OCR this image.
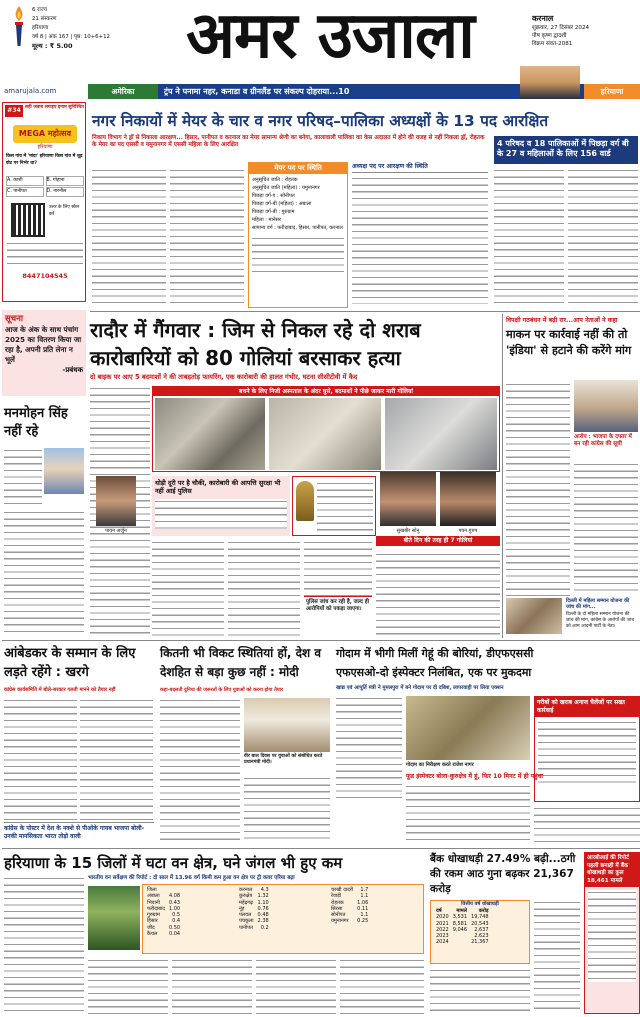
6 राज्य
21 संस्करण
हरियाणा
वर्ष 8 | अंक 167 | पृष्ठ: 10+6+12
मूल्य : ₹ 5.00	अमर उजाला	करनाल
शुक्रवार, 27 दिसंबर 2024
पौष कृष्ण द्वादशी
विक्रम संवत-2081
amarujala.com	अमेरिका	ट्रंप ने पनामा नहर, कनाडा व ग्रीनलैंड पर संकल्प दोहराया...10	हरियाणा
#34 सही जवाब लगाइए इनाम सुनिश्चित
MEGA महोत्सव
हरियाणा
किस गांव में 'मांदा' हरियाणा किस गांव में शूद्र वोट पर निर्भर था?
A. काशी	B. गोहाना C. पानीपत	D. नारनौल
उत्तर के लिए स्कैन करें
8447104545
नगर निकायों में मेयर के चार व नगर परिषद–पालिका अध्यक्षों के 13 पद आरक्षित
निकाय विभाग ने ड्रॉ से निकाला आरक्षण... हिसार, पानीपत व करनाल का मेयर सामान्य श्रेणी का बनेगा, कालावाली पालिका का केस अदालत में होने की वजह से नहीं निकला ड्रॉ, रोहतक के मेयर का पद एससी व यमुनानगर में एससी महिला के लिए आरक्षित	4 परिषद व 18 पालिकाओं में पिछड़ा वर्ग बी के 27 व महिलाओं के लिए 156 वार्ड
मेयर पद पर स्थिति
अनुसूचित जाति : रोहतक
अनुसूचित जाति (महिला) : यमुनानगर
पिछड़ा वर्ग-ए : सोनीपत
पिछड़ा वर्ग-बी (महिला) : अंबाला
पिछड़ा वर्ग-बी : गुरुग्राम
महिला : मानेसर
सामान्य वर्ग : फरीदाबाद, हिसार, पानीपत, करनाल
अध्यक्ष पद पर आरक्षण की स्थिति
सूचना
आज के अंक के साथ पंचांग 2025 का वितरण किया जा रहा है, अपनी प्रति लेना न भूलें
-प्रबंधक
मनमोहन सिंह नहीं रहे
रादौर में गैंगवार : जिम से निकल रहे दो शराब
कारोबारियों को 80 गोलियां बरसाकर हत्या
दो बाइक पर आए 5 बदमाशों ने की ताबड़तोड़ फायरिंग, एक कारोबारी की हालत गंभीर, घटना सीसीटीवी में कैद
बचने के लिए निजी अस्पताल के अंदर घुसे, बदमाशों ने पीछे जाकर मारी गोलियां
पावन अर्जुन
थोड़ी दूरी पर है चौकी, कारोबारी की आपत्ति सुरक्षा भी नहीं आई पुलिस
सुखबीर सोनू	पवन गुरुप
बीते दिन की तरह ही 7 गोलियां
पुलिस जांच कर रही है, जल्द ही आरोपियों को पकड़ा जाएगा।
विपक्षी गठबंधन में बढ़ी रार...आप नेताओं ने कहा
माकन पर कार्रवाई नहीं की तो 'इंडिया' से हटाने की करेंगे मांग
आरोप : भाजपा के दफ्तर में बन रही कांग्रेस की सूची
दिल्ली में महिला सम्मान योजना की जांच की मांग...
दिल्ली के दो महिला सम्मान योजना की जांच की मांग, कांग्रेस के आरोपों की जांच को आम आदमी पार्टी के नेता।
आंबेडकर के सम्मान के लिए लड़ते रहेंगे : खरगे
कांग्रेस कार्यसमिति में बोले-सरकार गलती मानने को तैयार नहीं
कांग्रेस के पोस्टर में देश के नक्शे से पीओके गायब भाजपा बोली- उनकी मानसिकता भारत तोड़ो वाली
कितनी भी विकट स्थितियां हों, देश व देशहित से बड़ा कुछ नहीं : मोदी
कहा-बदलती दुनिया की जरूरतों के लिए युवाओं को करना होगा तैयार
वीर बाल दिवस पर युवाओं को संबोधित करते प्रधानमंत्री मोदी।
गोदाम में भीगी मिलीं गेहूं की बोरियां, डीएफएससी
एफएसओ-दो इंस्पेक्टर निलंबित, एक पर मुकदमा
खाद्य एवं आपूर्ति मंत्री ने मुमलपुरा में बने गोदाम पर दी दबिश, लापरवाही पर लिया एक्शन
गोदाम का निरीक्षण करते राजेश नागर
गरीबों को खराब अनाज चैलेंजों पर सख्त कार्रवाई
फूड इंस्पेक्टर बोला-कुरुक्षेत्र में हूं, फिर 10 मिनट में ही पहुंचा
हरियाणा के 15 जिलों में घटा वन क्षेत्र, घने जंगल भी हुए कम
भारतीय वन सर्वेक्षण की रिपोर्ट : दो साल में 13.96 वर्ग किमी कम हुआ वन क्षेत्र पर ट्री कवर एरिया बढ़ा
जिला	
अंबाला	4.08
भिवानी	0.43
फरीदाबाद	1.00
गुरुग्राम	0.5
हिसार	0.4
जींद	0.50
कैथल	0.04
करनाल	4.3
कुरुक्षेत्र	1.32
महेंद्रगढ़	1.10
नूंह	0.76
पलवल	0.48
पंचकूला	2.38
पानीपत	0.2
चरखी दादरी	1.7
रेवाड़ी	1.1
रोहतक	1.06
सिरसा	0.11
सोनीपत	1.1
यमुनानगर	0.25

बैंक धोखाधड़ी 27.49% बढ़ी...ठगी की रकम आठ गुना बढ़कर 21,367 करोड़
वित्तीय वर्ष धोखाधड़ी
वर्ष	मामले	करोड़
2020	3,531	19,748
2021	8,581	20,543
2022	9,046	2,637
2023		2,623
2024		21,367
आरबीआई की रिपोर्ट पहली छमाही में बैंक धोखाधड़ी का कुल 18,461 मामले
